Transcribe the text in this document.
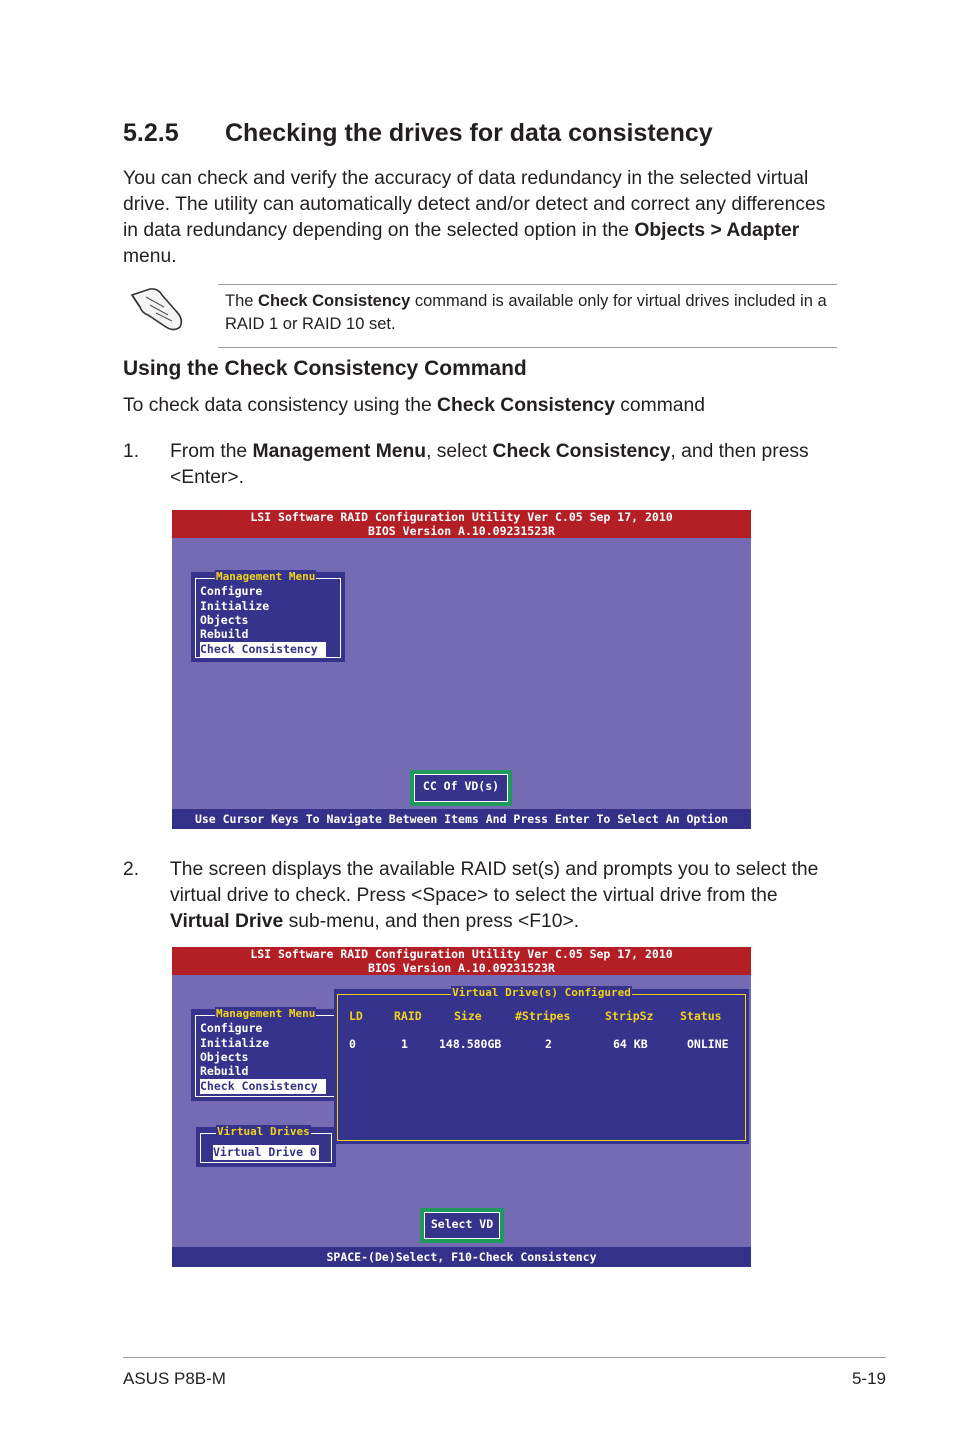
5.2.5 Checking the drives for data consistency

You can check and verify the accuracy of data redundancy in the selected virtual drive. The utility can automatically detect and/or detect and correct any differences in data redundancy depending on the selected option in the Objects > Adapter menu.

The Check Consistency command is available only for virtual drives included in a RAID 1 or RAID 10 set.

Using the Check Consistency Command

To check data consistency using the Check Consistency command

1. From the Management Menu, select Check Consistency, and then press <Enter>.

LSI Software RAID Configuration Utility Ver C.05 Sep 17, 2010
BIOS Version A.10.09231523R
Management Menu
Configure
Initialize
Objects
Rebuild
Check Consistency
CC Of VD(s)
Use Cursor Keys To Navigate Between Items And Press Enter To Select An Option
2. The screen displays the available RAID set(s) and prompts you to select the virtual drive to check. Press <Space> to select the virtual drive from the Virtual Drive sub-menu, and then press <F10>.

LSI Software RAID Configuration Utility Ver C.05 Sep 17, 2010
BIOS Version A.10.09231523R
Management Menu
Configure
Initialize
Objects
Rebuild
Check Consistency
Virtual Drive(s) Configured
LD	RAID	Size	#Stripes	StripSz Status
0	1	148.580GB	2	64 KB	ONLINE
Virtual Drives
Virtual Drive 0
Select VD
SPACE-(De)Select, F10-Check Consistency
ASUS P8B-M	5-19
